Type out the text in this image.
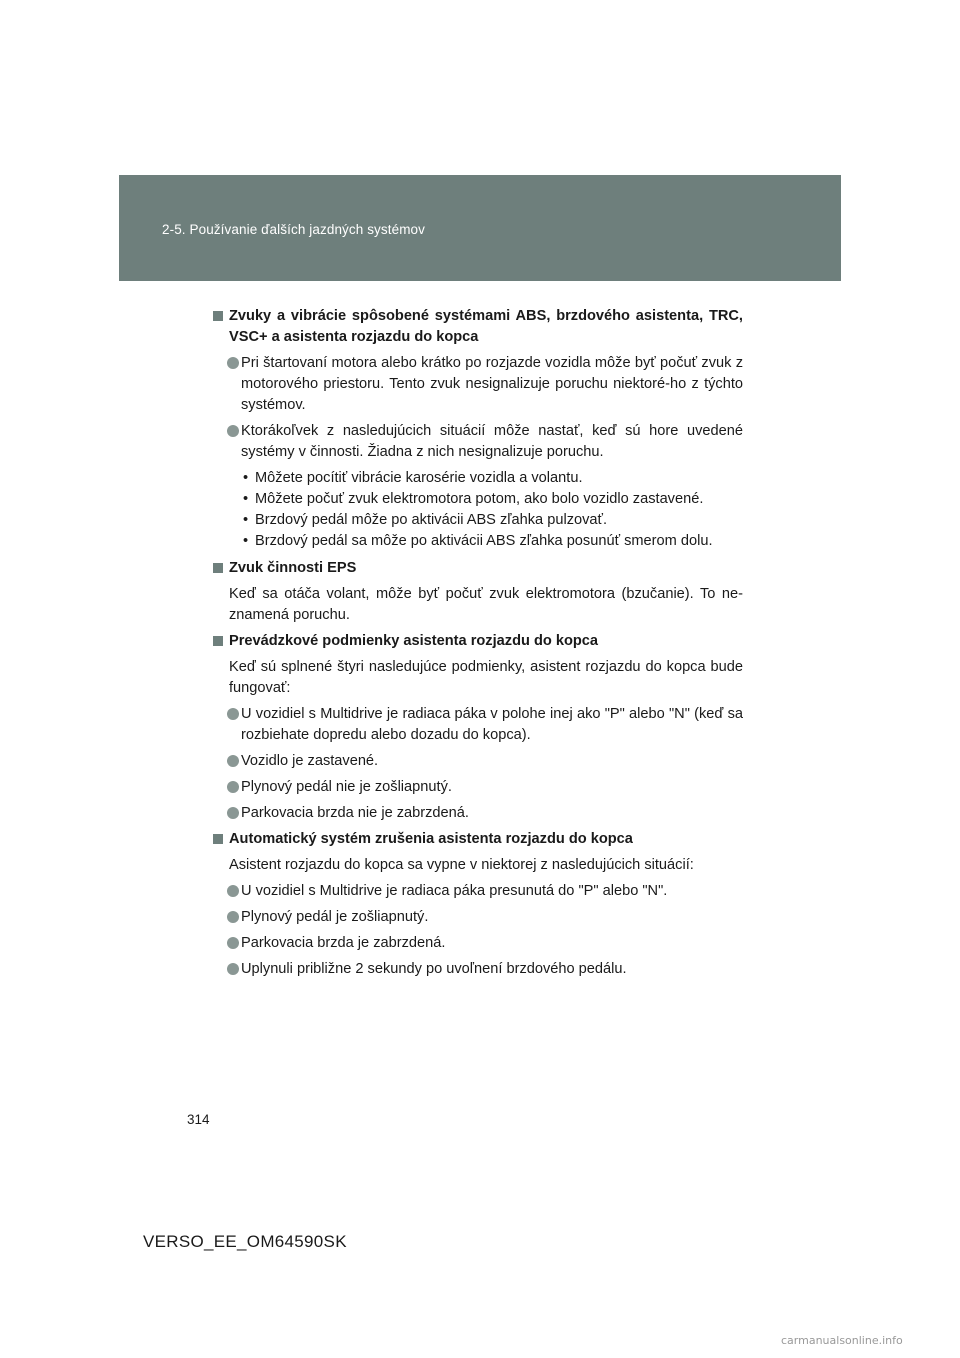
2-5. Používanie ďalších jazdných systémov
Zvuky a vibrácie spôsobené systémami ABS, brzdového asistenta, TRC, VSC+ a asistenta rozjazdu do kopca
Pri štartovaní motora alebo krátko po rozjazde vozidla môže byť počuť zvuk z motorového priestoru. Tento zvuk nesignalizuje poruchu niektoré-ho z týchto systémov.
Ktorákoľvek z nasledujúcich situácií môže nastať, keď sú hore uvedené systémy v činnosti. Žiadna z nich nesignalizuje poruchu.
• Môžete pocítiť vibrácie karosérie vozidla a volantu.
• Môžete počuť zvuk elektromotora potom, ako bolo vozidlo zastavené.
• Brzdový pedál môže po aktivácii ABS zľahka pulzovať.
• Brzdový pedál sa môže po aktivácii ABS zľahka posunúť smerom dolu.
Zvuk činnosti EPS
Keď sa otáča volant, môže byť počuť zvuk elektromotora (bzučanie). To ne-znamená poruchu.
Prevádzkové podmienky asistenta rozjazdu do kopca
Keď sú splnené štyri nasledujúce podmienky, asistent rozjazdu do kopca bude fungovať:
U vozidiel s Multidrive je radiaca páka v polohe inej ako "P" alebo "N" (keď sa rozbiehate dopredu alebo dozadu do kopca).
Vozidlo je zastavené.
Plynový pedál nie je zošliapnutý.
Parkovacia brzda nie je zabrzdená.
Automatický systém zrušenia asistenta rozjazdu do kopca
Asistent rozjazdu do kopca sa vypne v niektorej z nasledujúcich situácií:
U vozidiel s Multidrive je radiaca páka presunutá do "P" alebo "N".
Plynový pedál je zošliapnutý.
Parkovacia brzda je zabrzdená.
Uplynuli približne 2 sekundy po uvoľnení brzdového pedálu.
314
VERSO_EE_OM64590SK
carmanualsonline.info
